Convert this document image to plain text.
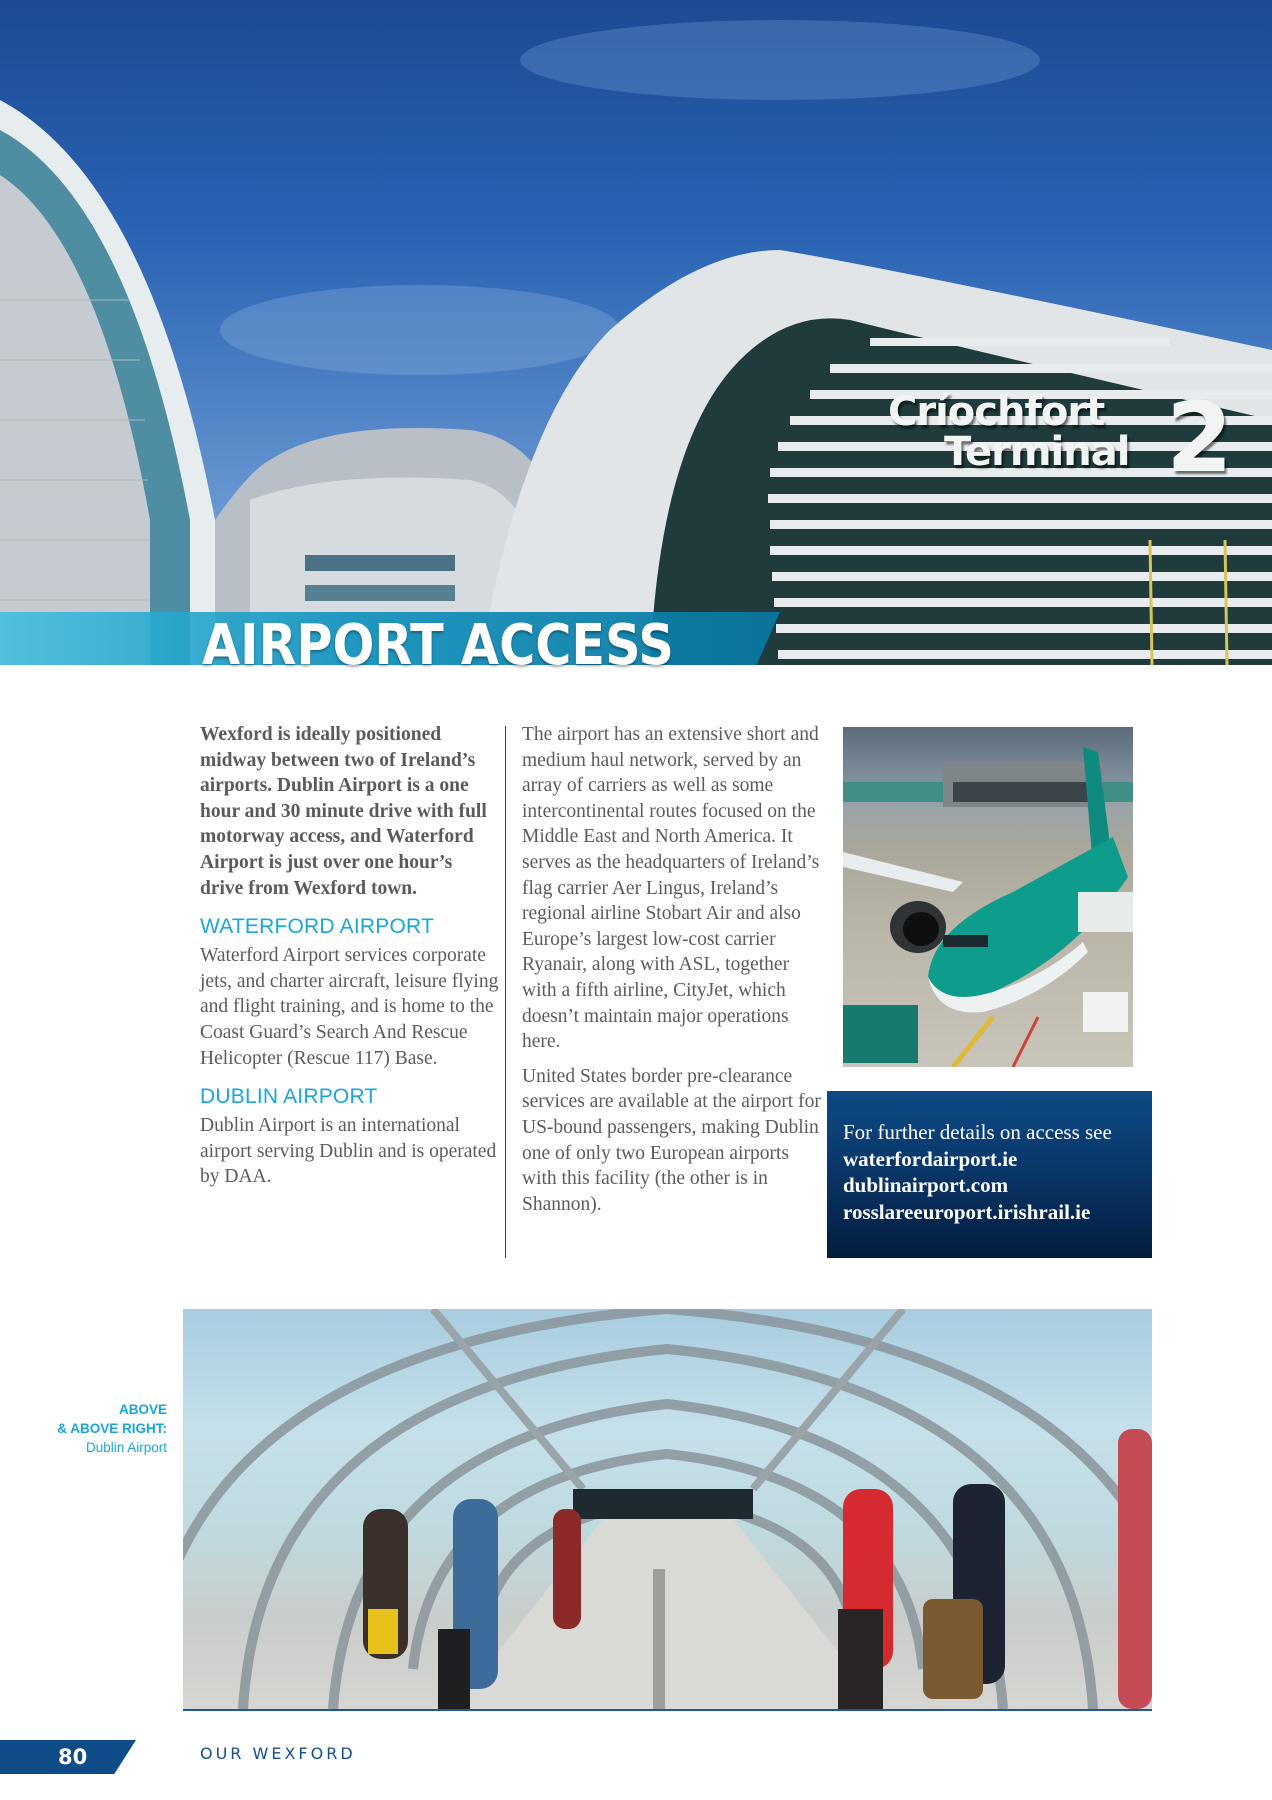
Críochfort
Terminal 2
AIRPORT ACCESS

Wexford is ideally positioned midway between two of Ireland’s airports. Dublin Airport is a one hour and 30 minute drive with full motorway access, and Waterford Airport is just over one hour’s drive from Wexford town.

WATERFORD AIRPORT

Waterford Airport services corporate jets, and charter aircraft, leisure flying and flight training, and is home to the Coast Guard’s Search And Rescue Helicopter (Rescue 117) Base.

DUBLIN AIRPORT

Dublin Airport is an international airport serving Dublin and is operated by DAA.

The airport has an extensive short and medium haul network, served by an array of carriers as well as some intercontinental routes focused on the Middle East and North America. It serves as the headquarters of Ireland’s flag carrier Aer Lingus, Ireland’s regional airline Stobart Air and also Europe’s largest low-cost carrier Ryanair, along with ASL, together with a fifth airline, CityJet, which doesn’t maintain major operations here.

United States border pre-clearance services are available at the airport for US-bound passengers, making Dublin one of only two European airports with this facility (the other is in Shannon).

For further details on access see
waterfordairport.ie
dublinairport.com
rosslareeuroport.irishrail.ie
ABOVE
& ABOVE RIGHT:
Dublin Airport
80	OUR WEXFORD
